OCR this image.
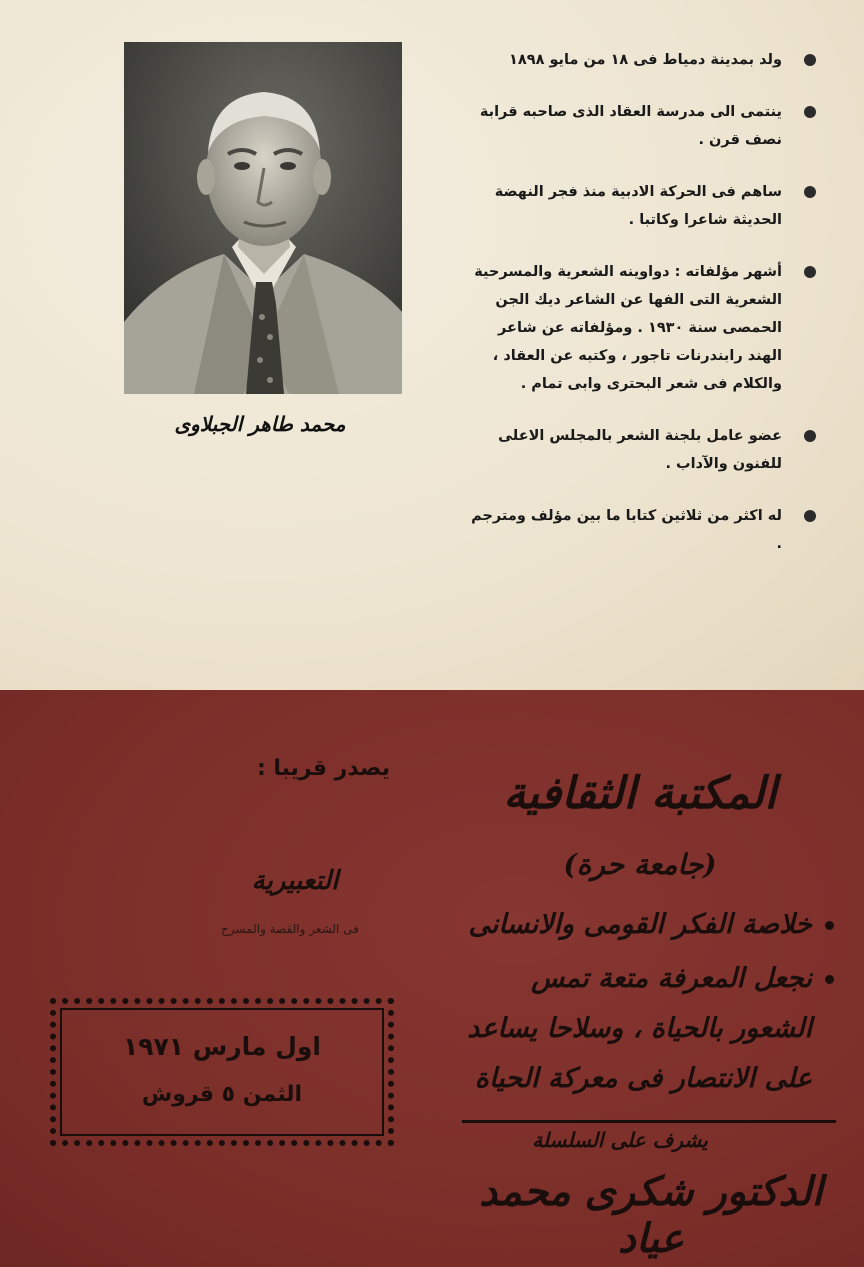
محمد طاهر الجبلاوى
ولد بمدينة دمياط فى ١٨ من مايو ١٨٩٨
ينتمى الى مدرسة العقاد الذى صاحبه قرابة نصف قرن .
ساهم فى الحركة الادبية منذ فجر النهضة الحديثة شاعرا وكاتبا .
أشهر مؤلفاته : دواوينه الشعرية والمسرحية الشعرية التى الفها عن الشاعر ديك الجن الحمصى سنة ١٩٣٠ . ومؤلفاته عن شاعر الهند رابندرنات تاجور ، وكتبه عن العقاد ، والكلام فى شعر البحترى وابى تمام .
عضو عامل بلجنة الشعر بالمجلس الاعلى للفنون والآداب .
له اكثر من ثلاثين كتابا ما بين مؤلف ومترجم .
المكتبة الثقافية
(جامعة حرة)
خلاصة الفكر القومى والانسانى
نجعل المعرفة متعة تمس الشعور بالحياة ، وسلاحا يساعد على الانتصار فى معركة الحياة
يشرف على السلسلة
الدكتور شكرى محمد عياد
يصدر قريبا :
التعبيرية
فى الشعر والقصة والمسرح
اول مارس ١٩٧١
الثمن ٥ قروش
